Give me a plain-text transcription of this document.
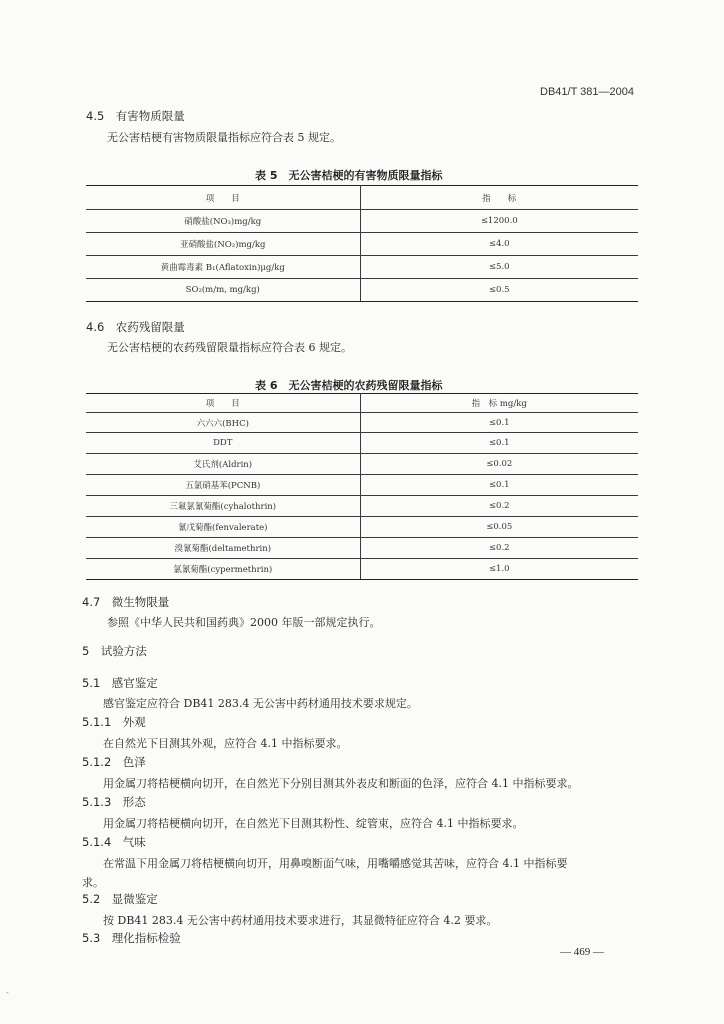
DB41/T 381—2004
4.5　有害物质限量
无公害桔梗有害物质限量指标应符合表 5 规定。
表 5　无公害桔梗的有害物质限量指标
项　　目	指　　标
硝酸盐(NO₃)mg/kg	≤1200.0
亚硝酸盐(NO₂)mg/kg	≤4.0
黄曲霉毒素 B₁(Aflatoxin)μg/kg	≤5.0
SO₂(m/m, mg/kg)	≤0.5
4.6　农药残留限量
无公害桔梗的农药残留限量指标应符合表 6 规定。
表 6　无公害桔梗的农药残留限量指标
项　　目	指　标 mg/kg
六六六(BHC)	≤0.1
DDT	≤0.1
艾氏剂(Aldrin)	≤0.02
五氯硝基苯(PCNB)	≤0.1
三氟氯氰菊酯(cyhalothrin)	≤0.2
氰戊菊酯(fenvalerate)	≤0.05
溴氰菊酯(deltamethrin)	≤0.2
氯氰菊酯(cypermethrin)	≤1.0
4.7　微生物限量
参照《中华人民共和国药典》2000 年版一部规定执行。
5　试验方法
5.1　感官鉴定
感官鉴定应符合 DB41 283.4 无公害中药材通用技术要求规定。
5.1.1　外观
在自然光下目测其外观，应符合 4.1 中指标要求。
5.1.2　色泽
用金属刀将桔梗横向切开，在自然光下分别目测其外表皮和断面的色泽，应符合 4.1 中指标要求。
5.1.3　形态
用金属刀将桔梗横向切开，在自然光下目测其粉性、绽管束，应符合 4.1 中指标要求。
5.1.4　气味
在常温下用金属刀将桔梗横向切开，用鼻嗅断面气味，用嘴嚼感觉其苦味，应符合 4.1 中指标要
求。
5.2　显微鉴定
按 DB41 283.4 无公害中药材通用技术要求进行，其显微特征应符合 4.2 要求。
5.3　理化指标检验
— 469 —
-
